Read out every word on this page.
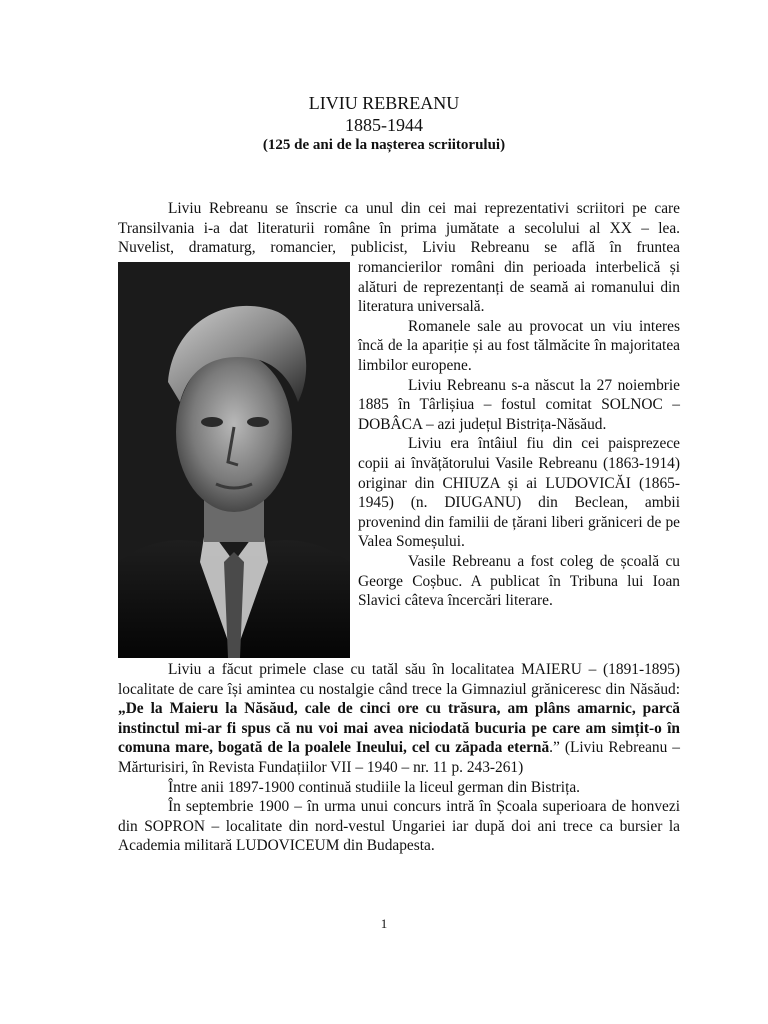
LIVIU REBREANU

1885-1944

(125 de ani de la nașterea scriitorului)

Liviu Rebreanu se înscrie ca unul din cei mai reprezentativi scriitori pe care

Transilvania i-a dat literaturii române în prima jumătate a secolului al XX – lea.

Nuvelist, dramaturg, romancier, publicist, Liviu Rebreanu se află în fruntea

romancierilor români din perioada interbelică și alături de reprezentanți de seamă ai romanului din literatura universală.

Romanele sale au provocat un viu interes încă de la apariție și au fost tălmăcite în majoritatea limbilor europene.

Liviu Rebreanu s-a născut la 27 noiembrie 1885 în Târlișiua – fostul comitat SOLNOC – DOBÂCA – azi județul Bistrița-Năsăud.

Liviu era întâiul fiu din cei paisprezece copii ai învățătorului Vasile Rebreanu (1863-1914) originar din CHIUZA și ai LUDOVICĂI (1865-1945) (n. DIUGANU) din Beclean, ambii provenind din familii de țărani liberi grăniceri de pe Valea Someșului.

Vasile Rebreanu a fost coleg de școală cu George Coșbuc. A publicat în Tribuna lui Ioan Slavici câteva încercări literare.

Liviu a făcut primele clase cu tatăl său în localitatea MAIERU – (1891-1895) localitate de care își amintea cu nostalgie când trece la Gimnaziul grăniceresc din Năsăud: „De la Maieru la Năsăud, cale de cinci ore cu trăsura, am plâns amarnic, parcă instinctul mi-ar fi spus că nu voi mai avea niciodată bucuria pe care am simțit-o în comuna mare, bogată de la poalele Ineului, cel cu zăpada eternă.” (Liviu Rebreanu – Mărturisiri, în Revista Fundațiilor VII – 1940 – nr. 11 p. 243-261)

Între anii 1897-1900 continuă studiile la liceul german din Bistrița.

În septembrie 1900 – în urma unui concurs intră în Școala superioara de honvezi din SOPRON – localitate din nord-vestul Ungariei iar după doi ani trece ca bursier la Academia militară LUDOVICEUM din Budapesta.

1
